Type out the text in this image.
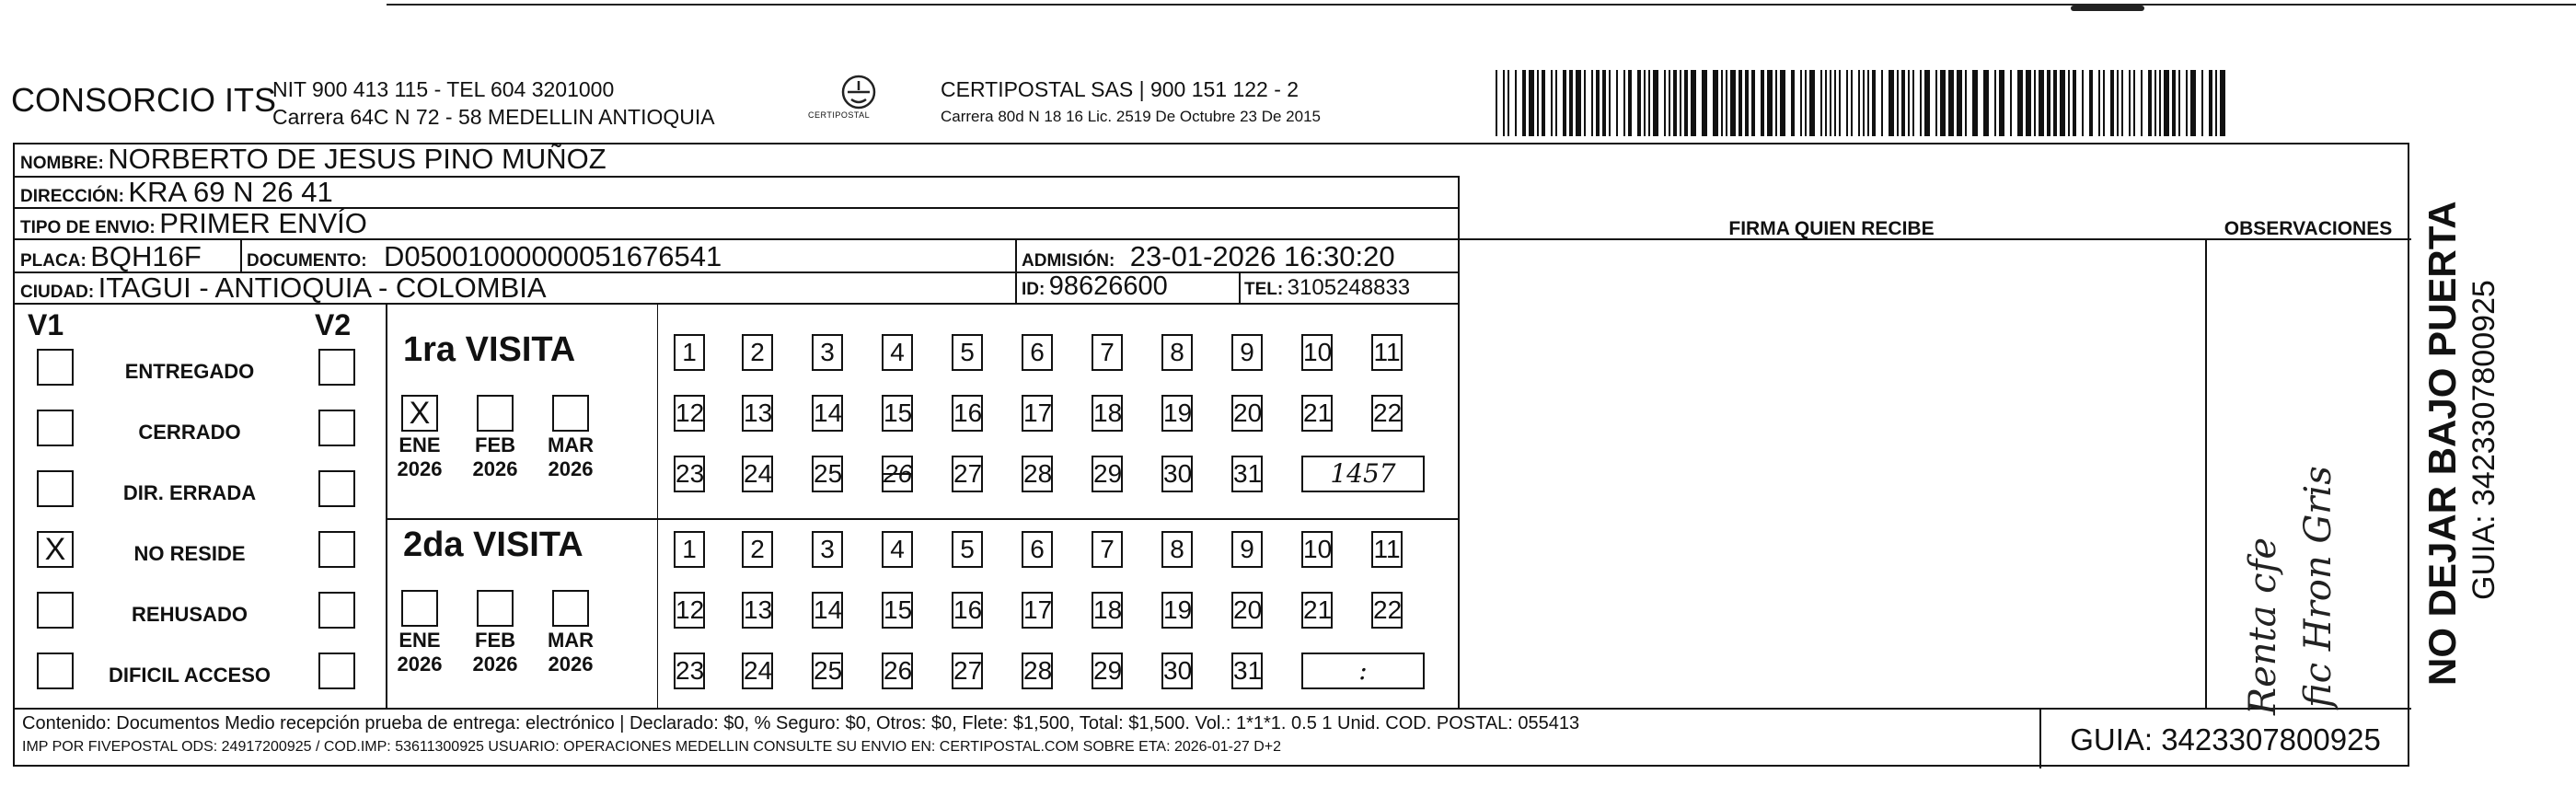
CONSORCIO ITS
NIT 900 413 115 - TEL 604 3201000
Carrera 64C N 72 - 58 MEDELLIN ANTIOQUIA	CERTIPOSTAL
CERTIPOSTAL SAS | 900 151 122 - 2
Carrera 80d N 18 16 Lic. 2519 De Octubre 23 De 2015
NOMBRE: NORBERTO DE JESUS PINO MUÑOZ
DIRECCIÓN: KRA 69 N 26 41
TIPO DE ENVIO: PRIMER ENVÍO	FIRMA QUIEN RECIBE	OBSERVACIONES
PLACA: BQH16F	DOCUMENTO: D05001000000051676541	ADMISIÓN: 23-01-2026 16:30:20
CIUDAD: ITAGUI - ANTIOQUIA - COLOMBIA	ID: 98626600	TEL: 3105248833
V1	V2
ENTREGADO
CERRADO
DIR. ERRADA
X	NO RESIDE
REHUSADO
DIFICIL ACCESO
1ra VISITA
X
ENE
2026
FEB
2026
MAR
2026
1	2	3	4	5	6	7	8	9	10 11
12 13 14 15 16 17 18 19 20 21 22
23 24 25 26 27 28 29 30 31	1457
2da VISITA
ENE
2026
FEB
2026
MAR
2026
1	2	3	4	5	6	7	8	9	10 11
12 13 14 15 16 17 18 19 20 21 22
23 24 25 26 27 28 29 30 31	:	Renta cfe fic Hron Gris
Contenido: Documentos Medio recepción prueba de entrega: electrónico | Declarado: $0, % Seguro: $0, Otros: $0, Flete: $1,500, Total: $1,500. Vol.: 1*1*1. 0.5 1 Unid. COD. POSTAL: 055413
IMP POR FIVEPOSTAL ODS: 24917200925 / COD.IMP: 53611300925 USUARIO: OPERACIONES MEDELLIN CONSULTE SU ENVIO EN: CERTIPOSTAL.COM SOBRE ETA: 2026-01-27 D+2	GUIA: 3423307800925
NO DEJAR BAJO PUERTA GUIA: 3423307800925
